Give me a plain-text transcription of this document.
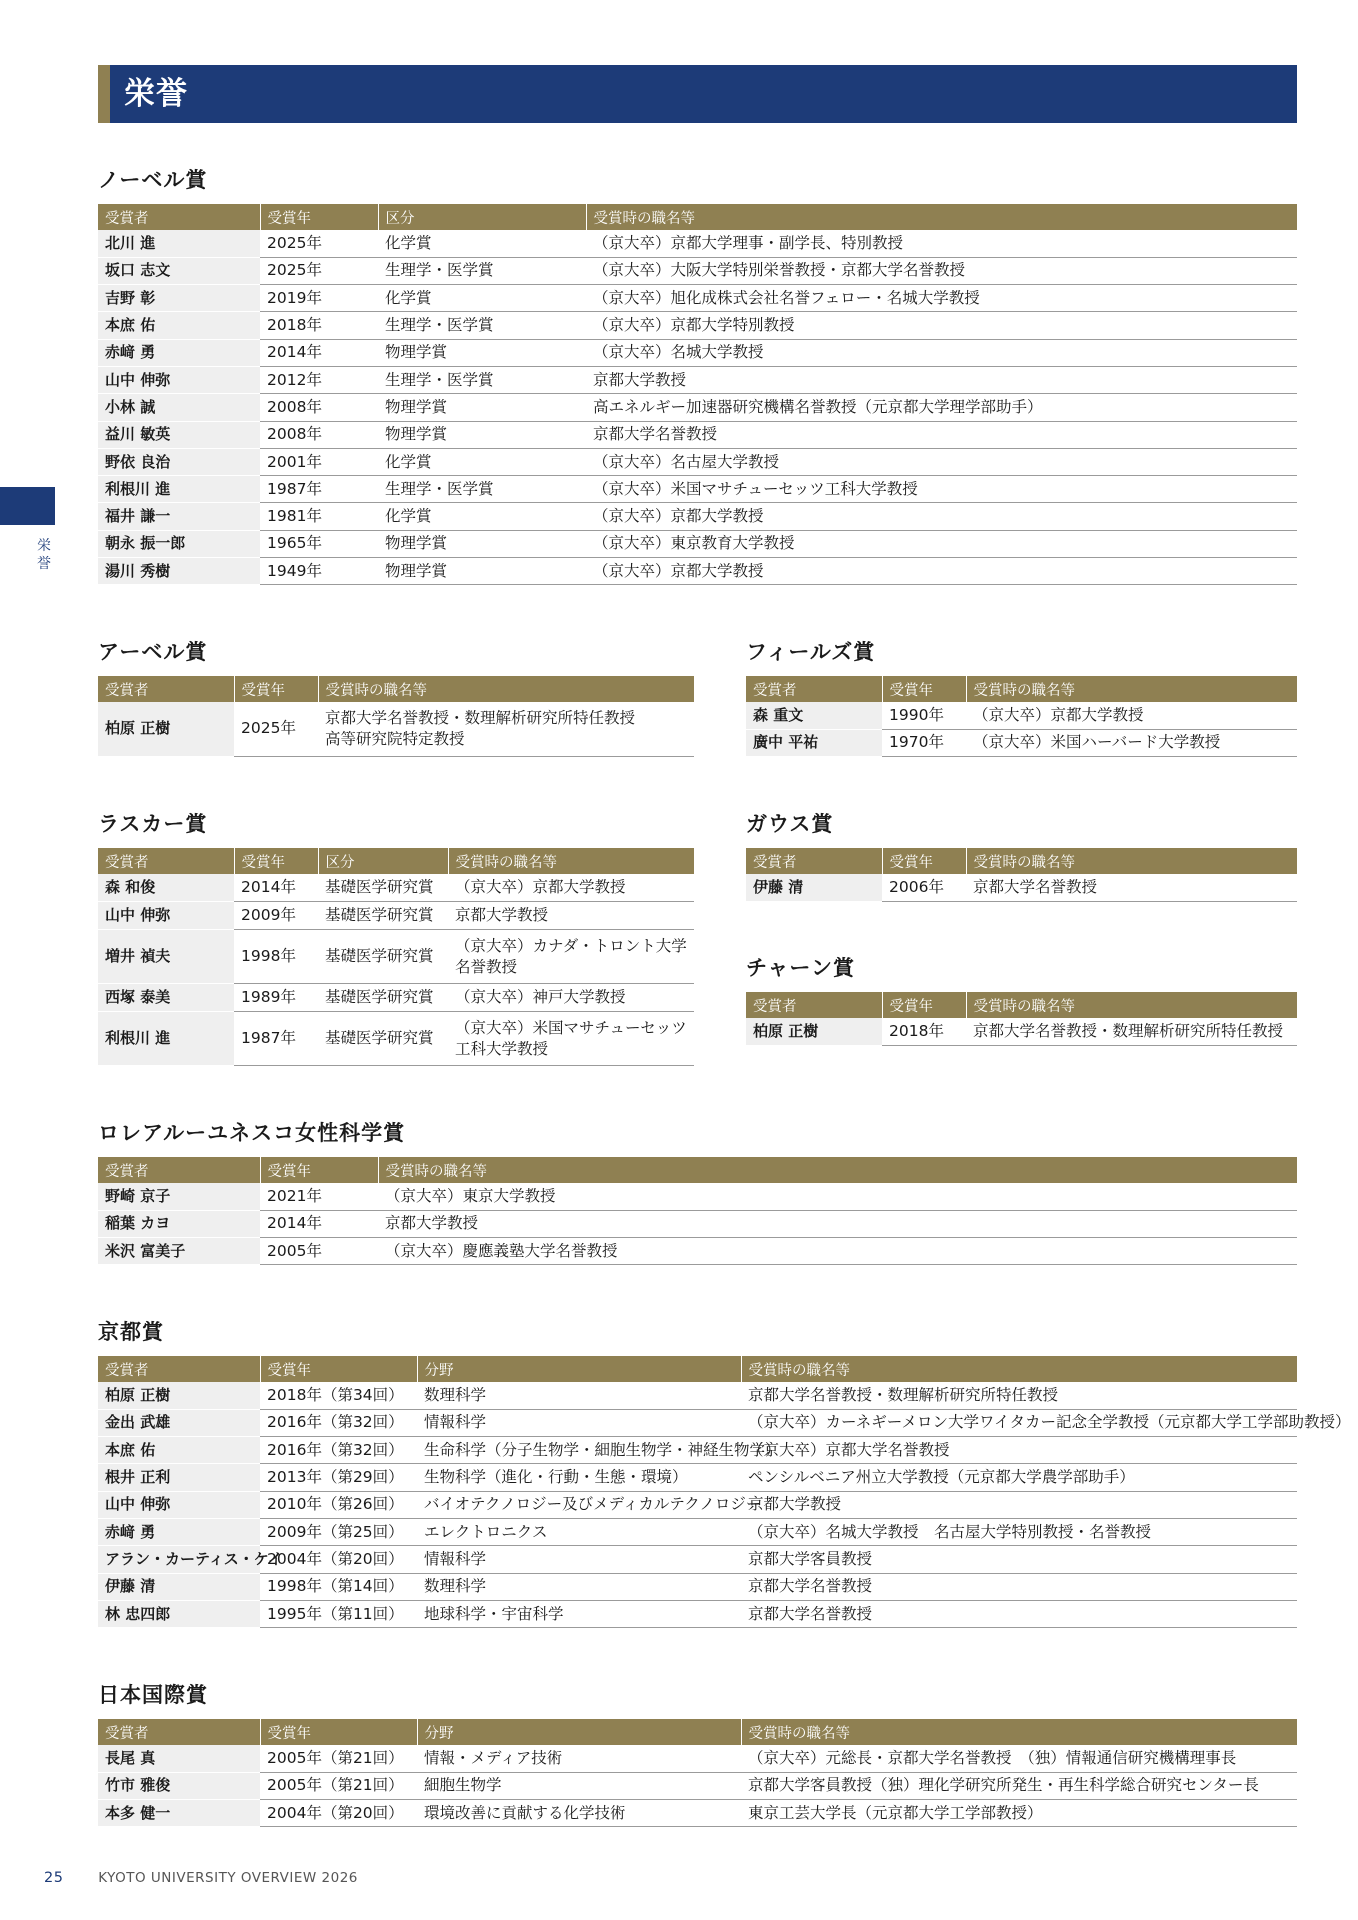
栄誉
栄誉
ノーベル賞
受賞者	受賞年	区分	受賞時の職名等
北川 進	2025年	化学賞	（京大卒）京都大学理事・副学長、特別教授
坂口 志文	2025年	生理学・医学賞	（京大卒）大阪大学特別栄誉教授・京都大学名誉教授
吉野 彰	2019年	化学賞	（京大卒）旭化成株式会社名誉フェロー・名城大学教授
本庶 佑	2018年	生理学・医学賞	（京大卒）京都大学特別教授
赤﨑 勇	2014年	物理学賞	（京大卒）名城大学教授
山中 伸弥	2012年	生理学・医学賞	京都大学教授
小林 誠	2008年	物理学賞	高エネルギー加速器研究機構名誉教授（元京都大学理学部助手）
益川 敏英	2008年	物理学賞	京都大学名誉教授
野依 良治	2001年	化学賞	（京大卒）名古屋大学教授
利根川 進	1987年	生理学・医学賞	（京大卒）米国マサチューセッツ工科大学教授
福井 謙一	1981年	化学賞	（京大卒）京都大学教授
朝永 振一郎	1965年	物理学賞	（京大卒）東京教育大学教授
湯川 秀樹	1949年	物理学賞	（京大卒）京都大学教授
アーベル賞
受賞者	受賞年	受賞時の職名等
柏原 正樹	2025年	京都大学名誉教授・数理解析研究所特任教授
高等研究院特定教授
フィールズ賞
受賞者	受賞年	受賞時の職名等
森 重文	1990年	（京大卒）京都大学教授
廣中 平祐	1970年	（京大卒）米国ハーバード大学教授
ラスカー賞
受賞者	受賞年	区分	受賞時の職名等
森 和俊	2014年	基礎医学研究賞	（京大卒）京都大学教授

山中 伸弥	2009年	基礎医学研究賞	京都大学教授

増井 禎夫	1998年	基礎医学研究賞	（京大卒）カナダ・トロント大学
名誉教授

西塚 泰美	1989年	基礎医学研究賞	（京大卒）神戸大学教授

利根川 進	1987年	基礎医学研究賞	（京大卒）米国マサチューセッツ
工科大学教授
ガウス賞
受賞者	受賞年	受賞時の職名等
伊藤 清	2006年	京都大学名誉教授
チャーン賞
受賞者	受賞年	受賞時の職名等
柏原 正樹	2018年	京都大学名誉教授・数理解析研究所特任教授
ロレアルーユネスコ女性科学賞
受賞者	受賞年	受賞時の職名等
野崎 京子	2021年	（京大卒）東京大学教授
稲葉 カヨ	2014年	京都大学教授
米沢 富美子	2005年	（京大卒）慶應義塾大学名誉教授
京都賞
受賞者	受賞年	分野	受賞時の職名等
柏原 正樹	2018年（第34回）	数理科学	京都大学名誉教授・数理解析研究所特任教授
金出 武雄	2016年（第32回）	情報科学	（京大卒）カーネギーメロン大学ワイタカー記念全学教授（元京都大学工学部助教授）
本庶 佑	2016年（第32回）	生命科学（分子生物学・細胞生物学・神経生物学）	（京大卒）京都大学名誉教授
根井 正利	2013年（第29回）	生物科学（進化・行動・生態・環境）	ペンシルベニア州立大学教授（元京都大学農学部助手）
山中 伸弥	2010年（第26回）	バイオテクノロジー及びメディカルテクノロジー	京都大学教授
赤﨑 勇	2009年（第25回）	エレクトロニクス	（京大卒）名城大学教授　名古屋大学特別教授・名誉教授
アラン・カーティス・ケイ	2004年（第20回）	情報科学	京都大学客員教授
伊藤 清	1998年（第14回）	数理科学	京都大学名誉教授
林 忠四郎	1995年（第11回）	地球科学・宇宙科学	京都大学名誉教授
日本国際賞
受賞者	受賞年	分野	受賞時の職名等
長尾 真	2005年（第21回）	情報・メディア技術	（京大卒）元総長・京都大学名誉教授　（独）情報通信研究機構理事長
竹市 雅俊	2005年（第21回）	細胞生物学	京都大学客員教授（独）理化学研究所発生・再生科学総合研究センター長
本多 健一	2004年（第20回）	環境改善に貢献する化学技術	東京工芸大学長（元京都大学工学部教授）
25	KYOTO UNIVERSITY OVERVIEW 2026
